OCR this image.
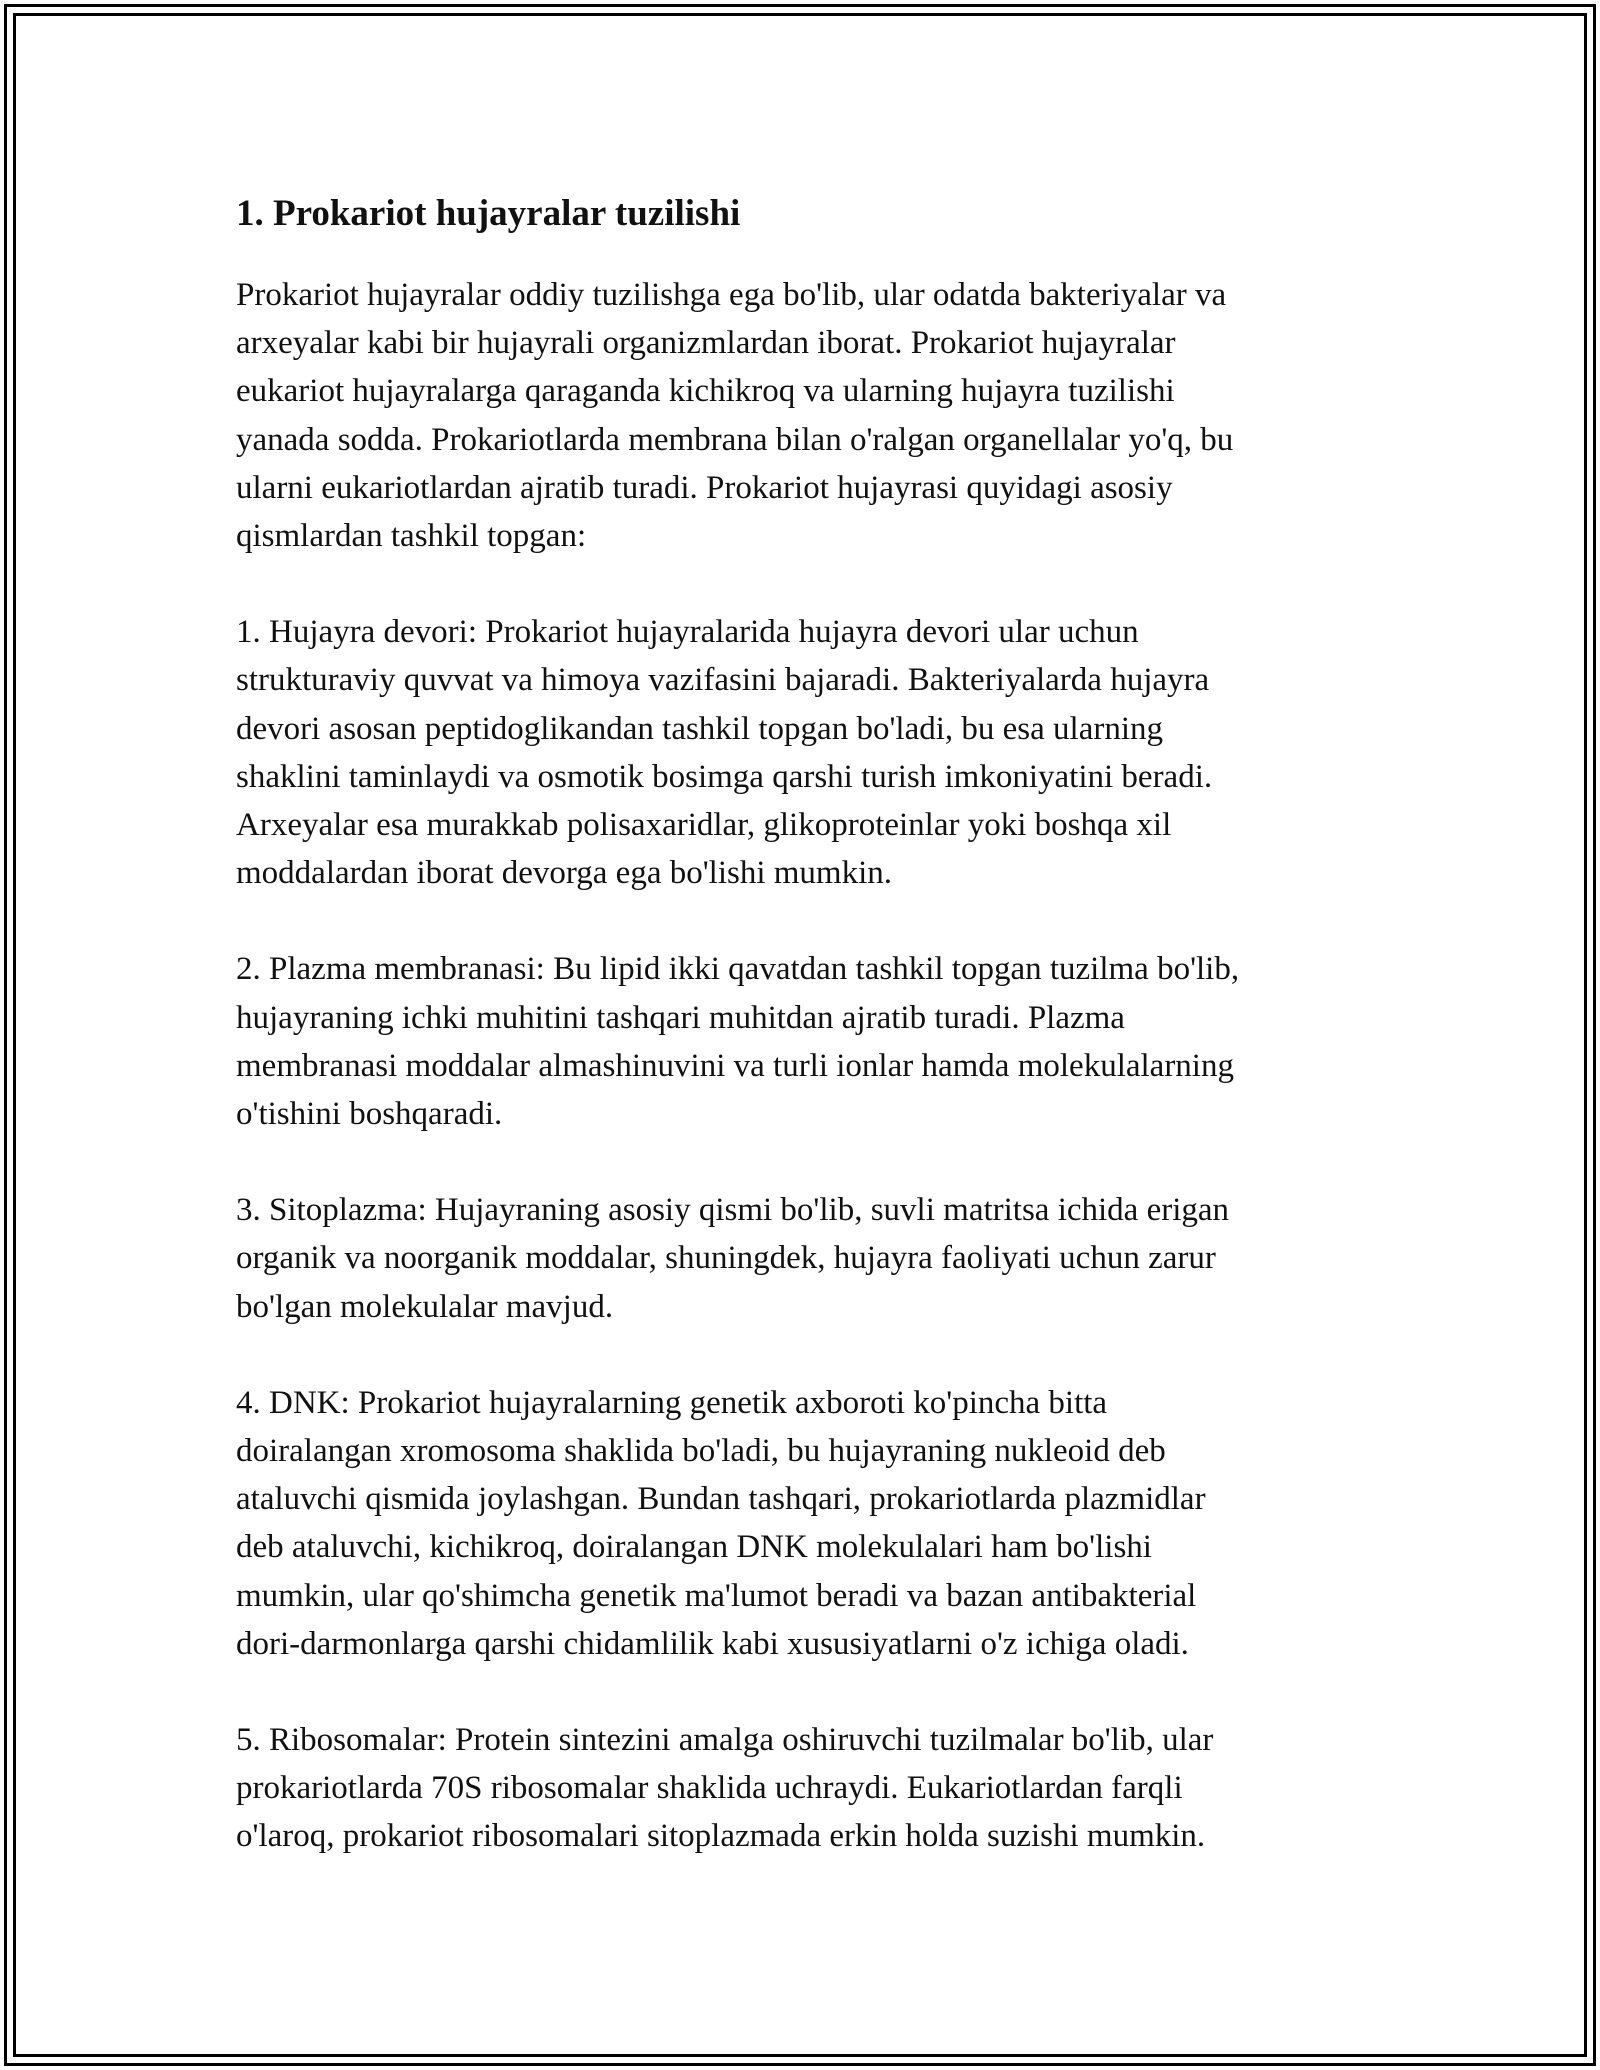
1. Prokariot hujayralar tuzilishi

Prokariot hujayralar oddiy tuzilishga ega bo'lib, ular odatda bakteriyalar va
arxeyalar kabi bir hujayrali organizmlardan iborat. Prokariot hujayralar
eukariot hujayralarga qaraganda kichikroq va ularning hujayra tuzilishi
yanada sodda. Prokariotlarda membrana bilan o'ralgan organellalar yo'q, bu
ularni eukariotlardan ajratib turadi. Prokariot hujayrasi quyidagi asosiy
qismlardan tashkil topgan:

1. Hujayra devori: Prokariot hujayralarida hujayra devori ular uchun
strukturaviy quvvat va himoya vazifasini bajaradi. Bakteriyalarda hujayra
devori asosan peptidoglikandan tashkil topgan bo'ladi, bu esa ularning
shaklini taminlaydi va osmotik bosimga qarshi turish imkoniyatini beradi.
Arxeyalar esa murakkab polisaxaridlar, glikoproteinlar yoki boshqa xil
moddalardan iborat devorga ega bo'lishi mumkin.

2. Plazma membranasi: Bu lipid ikki qavatdan tashkil topgan tuzilma bo'lib,
hujayraning ichki muhitini tashqari muhitdan ajratib turadi. Plazma
membranasi moddalar almashinuvini va turli ionlar hamda molekulalarning
o'tishini boshqaradi.

3. Sitoplazma: Hujayraning asosiy qismi bo'lib, suvli matritsa ichida erigan
organik va noorganik moddalar, shuningdek, hujayra faoliyati uchun zarur
bo'lgan molekulalar mavjud.

4. DNK: Prokariot hujayralarning genetik axboroti ko'pincha bitta
doiralangan xromosoma shaklida bo'ladi, bu hujayraning nukleoid deb
ataluvchi qismida joylashgan. Bundan tashqari, prokariotlarda plazmidlar
deb ataluvchi, kichikroq, doiralangan DNK molekulalari ham bo'lishi
mumkin, ular qo'shimcha genetik ma'lumot beradi va bazan antibakterial
dori-darmonlarga qarshi chidamlilik kabi xususiyatlarni o'z ichiga oladi.

5. Ribosomalar: Protein sintezini amalga oshiruvchi tuzilmalar bo'lib, ular
prokariotlarda 70S ribosomalar shaklida uchraydi. Eukariotlardan farqli
o'laroq, prokariot ribosomalari sitoplazmada erkin holda suzishi mumkin.
